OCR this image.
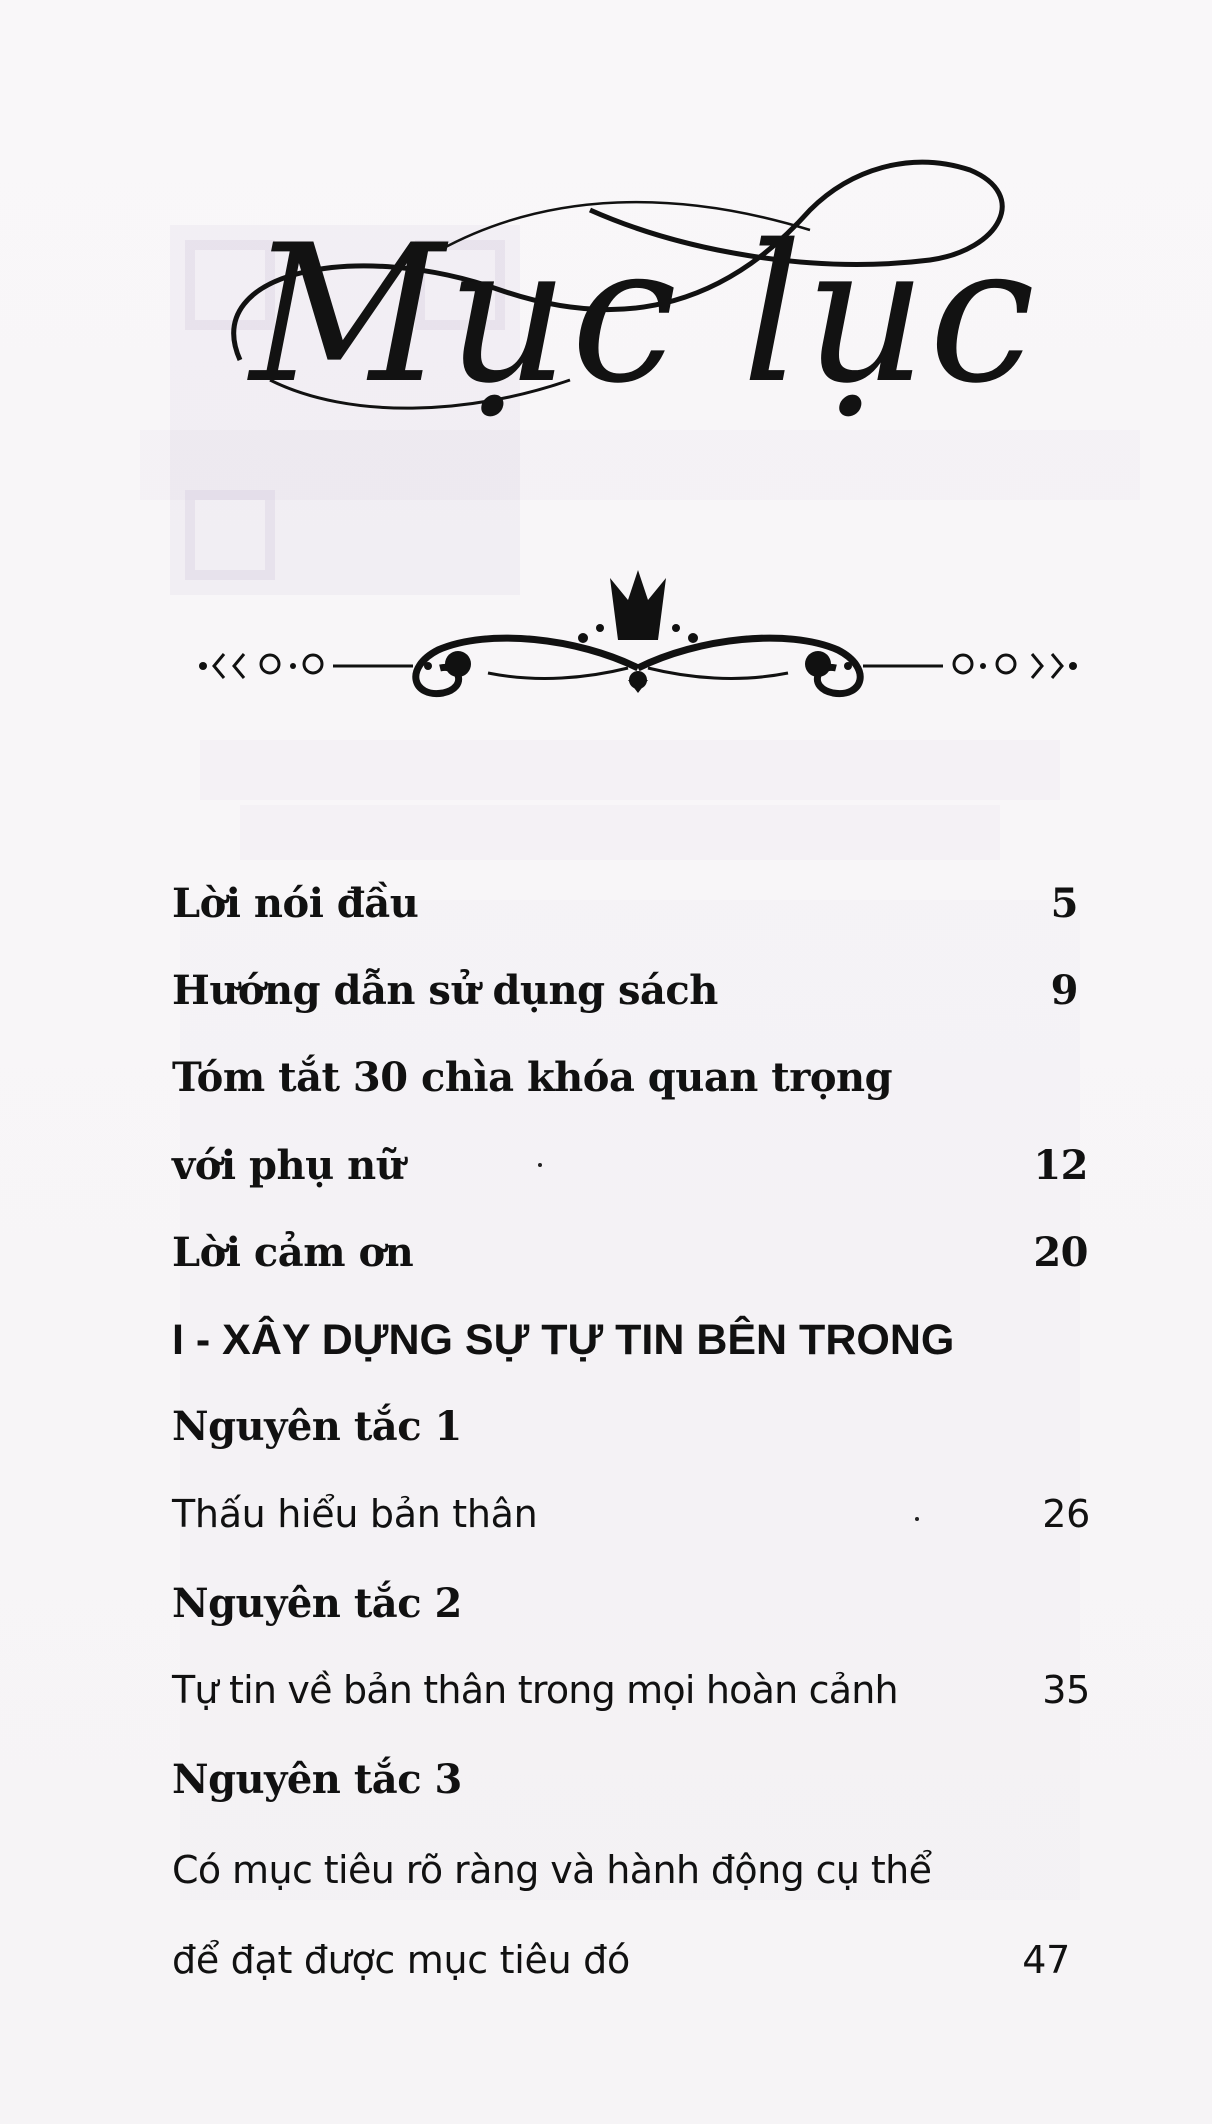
Mục lục
Lời nói đầu	5
Hướng dẫn sử dụng sách	9
Tóm tắt 30 chìa khóa quan trọng
với phụ nữ	12
Lời cảm ơn	20
I - XÂY DỰNG SỰ TỰ TIN BÊN TRONG
Nguyên tắc 1
Thấu hiểu bản thân	26
Nguyên tắc 2
Tự tin về bản thân trong mọi hoàn cảnh	35
Nguyên tắc 3
Có mục tiêu rõ ràng và hành động cụ thể
để đạt được mục tiêu đó	47
